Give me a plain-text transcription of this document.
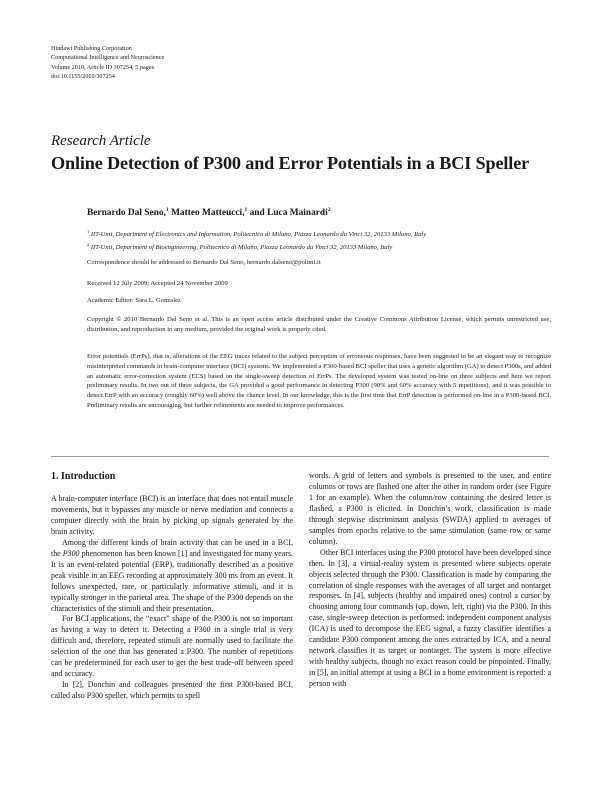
Hindawi Publishing Corporation
Computational Intelligence and Neuroscience
Volume 2010, Article ID 307254, 5 pages
doi:10.1155/2010/307254
Research Article
Online Detection of P300 and Error Potentials in a BCI Speller
Bernardo Dal Seno,$^1$ Matteo Matteucci,$^1$ and Luca Mainardi$^2$
$^1$ IIT-Unit, Department of Electronics and Information, Politecnico di Milano, Piazza Leonardo da Vinci 32, 20133 Milano, Italy
$^2$ IIT-Unit, Department of Bioengineering, Politecnico di Milano, Piazza Leonardo da Vinci 32, 20133 Milano, Italy
Correspondence should be addressed to Bernardo Dal Seno, bernardo.dalseno@polimi.it
Received 12 July 2009; Accepted 24 November 2009
Academic Editor: Sara L. Gonzalez
Copyright © 2010 Bernardo Dal Seno et al. This is an open access article distributed under the Creative Commons Attribution License, which permits unrestricted use, distribution, and reproduction in any medium, provided the original work is properly cited.
Error potentials (ErrPs), that is, alterations of the EEG traces related to the subject perception of erroneous responses, have been suggested to be an elegant way to recognize misinterpreted commands in brain-computer interface (BCI) systems. We implemented a P300-based BCI speller that uses a genetic algorithm (GA) to detect P300s, and added an automatic error-correction system (ECS) based on the single-sweep detection of ErrPs. The developed system was tested on-line on three subjects and here we report preliminary results. In two out of three subjects, the GA provided a good performance in detecting P300 (90% and 60% accuracy with 5 repetitions), and it was possible to detect ErrP with an accuracy (roughly 60%) well above the chance level. In our knowledge, this is the first time that ErrP detection is performed on-line in a P300-based BCI. Preliminary results are encouraging, but further refinements are needed to improve performances.
1. Introduction

A brain-computer interface (BCI) is an interface that does not entail muscle movements, but it bypasses any muscle or nerve mediation and connects a computer directly with the brain by picking up signals generated by the brain activity.

Among the different kinds of brain activity that can be used in a BCI, the P300 phenomenon has been known [1] and investigated for many years. It is an event-related potential (ERP), traditionally described as a positive peak visible in an EEG recording at approximately 300 ms from an event. It follows unexpected, rare, or particularly informative stimuli, and it is typically stronger in the parietal area. The shape of the P300 depends on the characteristics of the stimuli and their presentation.

For BCI applications, the “exact” shape of the P300 is not so important as having a way to detect it. Detecting a P300 in a single trial is very difficult and, therefore, repeated stimuli are normally used to facilitate the selection of the one that has generated a P300. The number of repetitions can be predetermined for each user to get the best trade-off between speed and accuracy.

In [2], Donchin and colleagues presented the first P300-based BCI, called also P300 speller, which permits to spell

words. A grid of letters and symbols is presented to the user, and entire columns or rows are flashed one after the other in random order (see Figure 1 for an example). When the column/row containing the desired letter is flashed, a P300 is elicited. In Donchin’s work, classification is made through stepwise discriminant analysis (SWDA) applied to averages of samples from epochs relative to the same stimulation (same row or same column).

Other BCI interfaces using the P300 protocol have been developed since then. In [3], a virtual-reality system is presented where subjects operate objects selected through the P300. Classification is made by comparing the correlation of single responses with the averages of all target and nontarget responses. In [4], subjects (healthy and impaired ones) control a cursor by choosing among four commands (up, down, left, right) via the P300. In this case, single-sweep detection is performed: independent component analysis (ICA) is used to decompose the EEG signal, a fuzzy classifier identifies a candidate P300 component among the ones extracted by ICA, and a neural network classifies it as target or nontarget. The system is more effective with healthy subjects, though no exact reason could be pinpointed. Finally, in [5], an initial attempt at using a BCI in a home environment is reported: a person with
